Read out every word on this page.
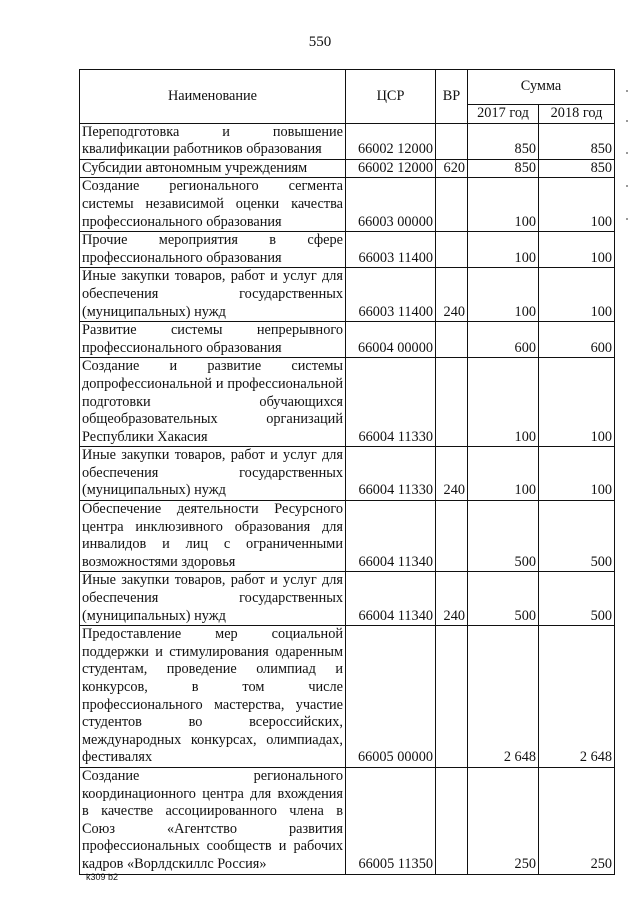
550
Наименование	ЦСР	ВР	Сумма	
			2017 год	2018 год
Переподготовка и повышение квалификации работников образования	66002 12000		850	850
Субсидии автономным учреждениям	66002 12000	620	850	850
Создание регионального сегмента системы независимой оценки качества профессионального образования	66003 00000		100	100
Прочие мероприятия в сфере профессионального образования	66003 11400		100	100
Иные закупки товаров, работ и услуг для обеспечения государственных (муниципальных) нужд	66003 11400	240	100	100
Развитие системы непрерывного профессионального образования	66004 00000		600	600
Создание и развитие системы допрофессиональной и профессиональной подготовки обучающихся общеобразовательных организаций Республики Хакасия	66004 11330		100	100
Иные закупки товаров, работ и услуг для обеспечения государственных (муниципальных) нужд	66004 11330	240	100	100
Обеспечение деятельности Ресурсного центра инклюзивного образования для инвалидов и лиц с ограниченными возможностями здоровья	66004 11340		500	500
Иные закупки товаров, работ и услуг для обеспечения государственных (муниципальных) нужд	66004 11340	240	500	500
Предоставление мер социальной поддержки и стимулирования одаренным студентам, проведение олимпиад и конкурсов, в том числе профессионального мастерства, участие студентов во всероссийских, международных конкурсах, олимпиадах, фестивалях	66005 00000		2 648	2 648
Создание регионального координационного центра для вхождения в качестве ассоциированного члена в Союз «Агентство развития профессиональных сообществ и рабочих кадров «Ворлдскиллс Россия»	66005 11350		250	250
k309 b2
